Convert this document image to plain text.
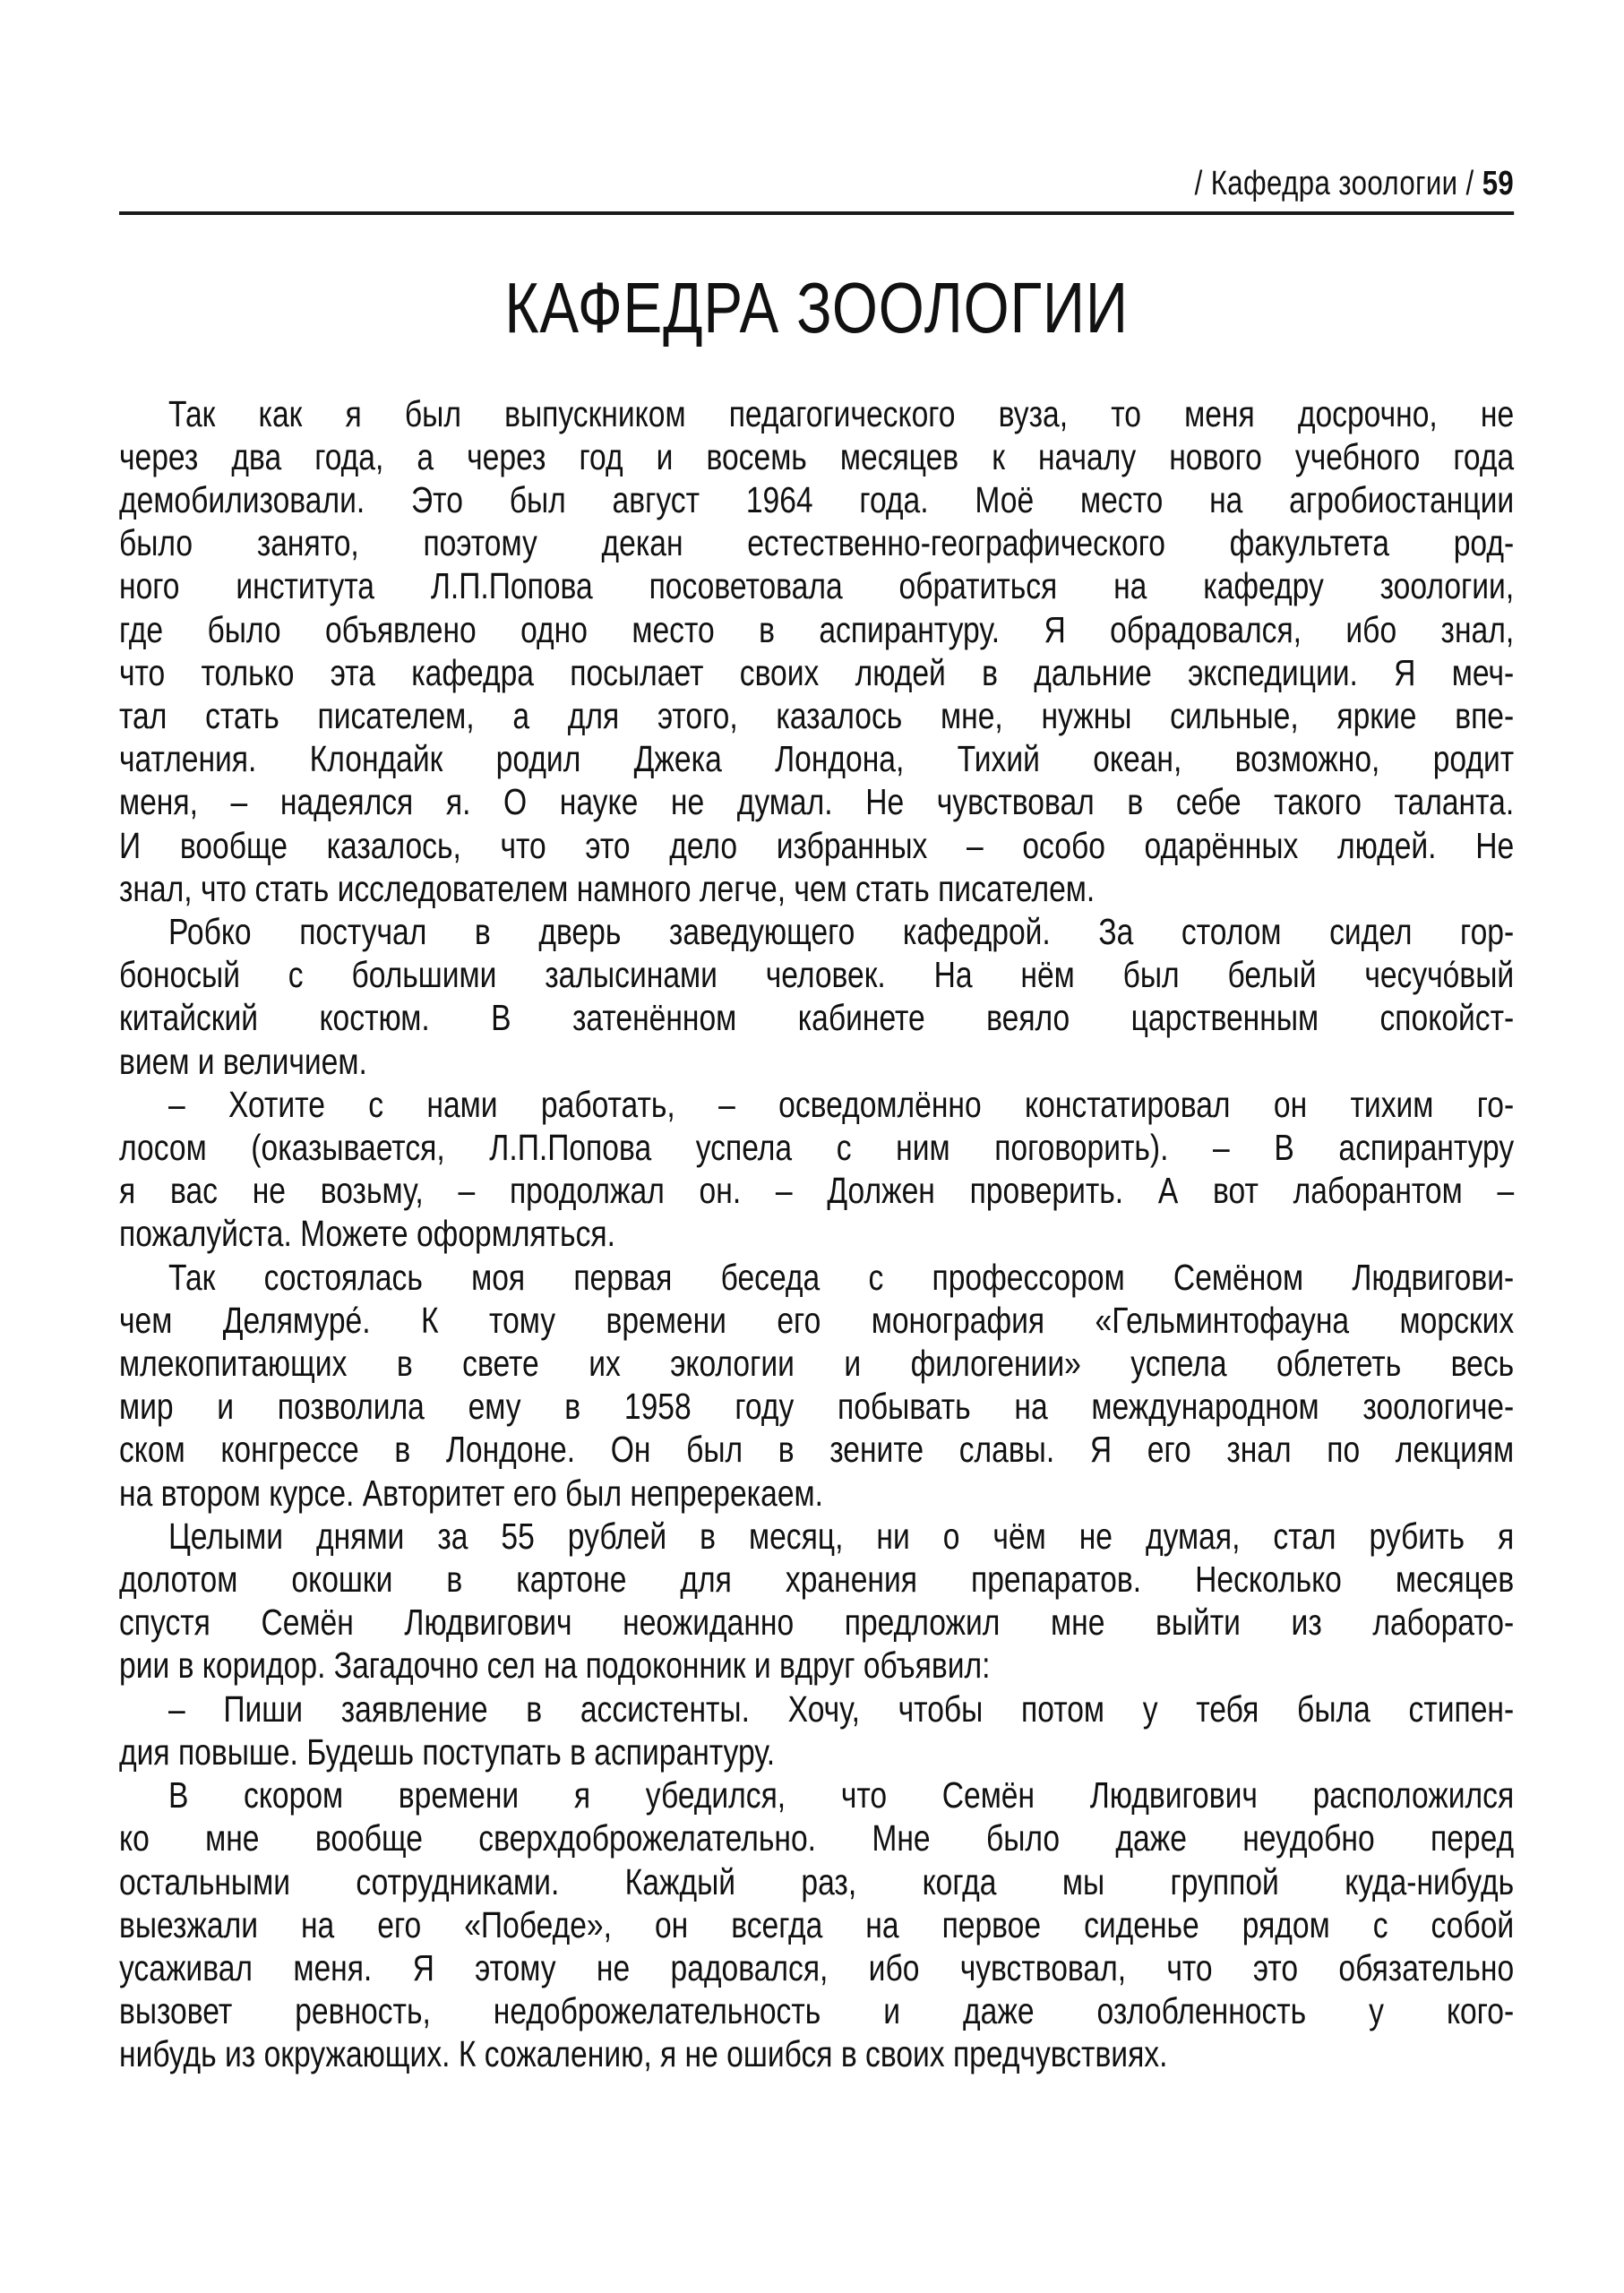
/ Кафедра зоологии / 59
КАФЕДРА ЗООЛОГИИ
Так как я был выпускником педагогического вуза, то меня досрочно, не
через два года, а через год и восемь месяцев к началу нового учебного года
демобилизовали. Это был август 1964 года. Моё место на агробиостанции
было занято, поэтому декан естественно-географического факультета род-
ного института Л.П.Попова посоветовала обратиться на кафедру зоологии,
где было объявлено одно место в аспирантуру. Я обрадовался, ибо знал,
что только эта кафедра посылает своих людей в дальние экспедиции. Я меч-
тал стать писателем, а для этого, казалось мне, нужны сильные, яркие впе-
чатления. Клондайк родил Джека Лондона, Тихий океан, возможно, родит
меня, – надеялся я. О науке не думал. Не чувствовал в себе такого таланта.
И вообще казалось, что это дело избранных – особо одарённых людей. Не
знал, что стать исследователем намного легче, чем стать писателем.
Робко постучал в дверь заведующего кафедрой. За столом сидел гор-
боносый с большими залысинами человек. На нём был белый чесучо́вый
китайский костюм. В затенённом кабинете веяло царственным спокойст-
вием и величием.
– Хотите с нами работать, – осведомлённо констатировал он тихим го-
лосом (оказывается, Л.П.Попова успела с ним поговорить). – В аспирантуру
я вас не возьму, – продолжал он. – Должен проверить. А вот лаборантом –
пожалуйста. Можете оформляться.
Так состоялась моя первая беседа с профессором Семёном Людвигови-
чем Делямуре́. К тому времени его монография «Гельминтофауна морских
млекопитающих в свете их экологии и филогении» успела облететь весь
мир и позволила ему в 1958 году побывать на международном зоологиче-
ском конгрессе в Лондоне. Он был в зените славы. Я его знал по лекциям
на втором курсе. Авторитет его был непререкаем.
Целыми днями за 55 рублей в месяц, ни о чём не думая, стал рубить я
долотом окошки в картоне для хранения препаратов. Несколько месяцев
спустя Семён Людвигович неожиданно предложил мне выйти из лаборато-
рии в коридор. Загадочно сел на подоконник и вдруг объявил:
– Пиши заявление в ассистенты. Хочу, чтобы потом у тебя была стипен-
дия повыше. Будешь поступать в аспирантуру.
В скором времени я убедился, что Семён Людвигович расположился
ко мне вообще сверхдоброжелательно. Мне было даже неудобно перед
остальными сотрудниками. Каждый раз, когда мы группой куда-нибудь
выезжали на его «Победе», он всегда на первое сиденье рядом с собой
усаживал меня. Я этому не радовался, ибо чувствовал, что это обязательно
вызовет ревность, недоброжелательность и даже озлобленность у кого-
нибудь из окружающих. К сожалению, я не ошибся в своих предчувствиях.
